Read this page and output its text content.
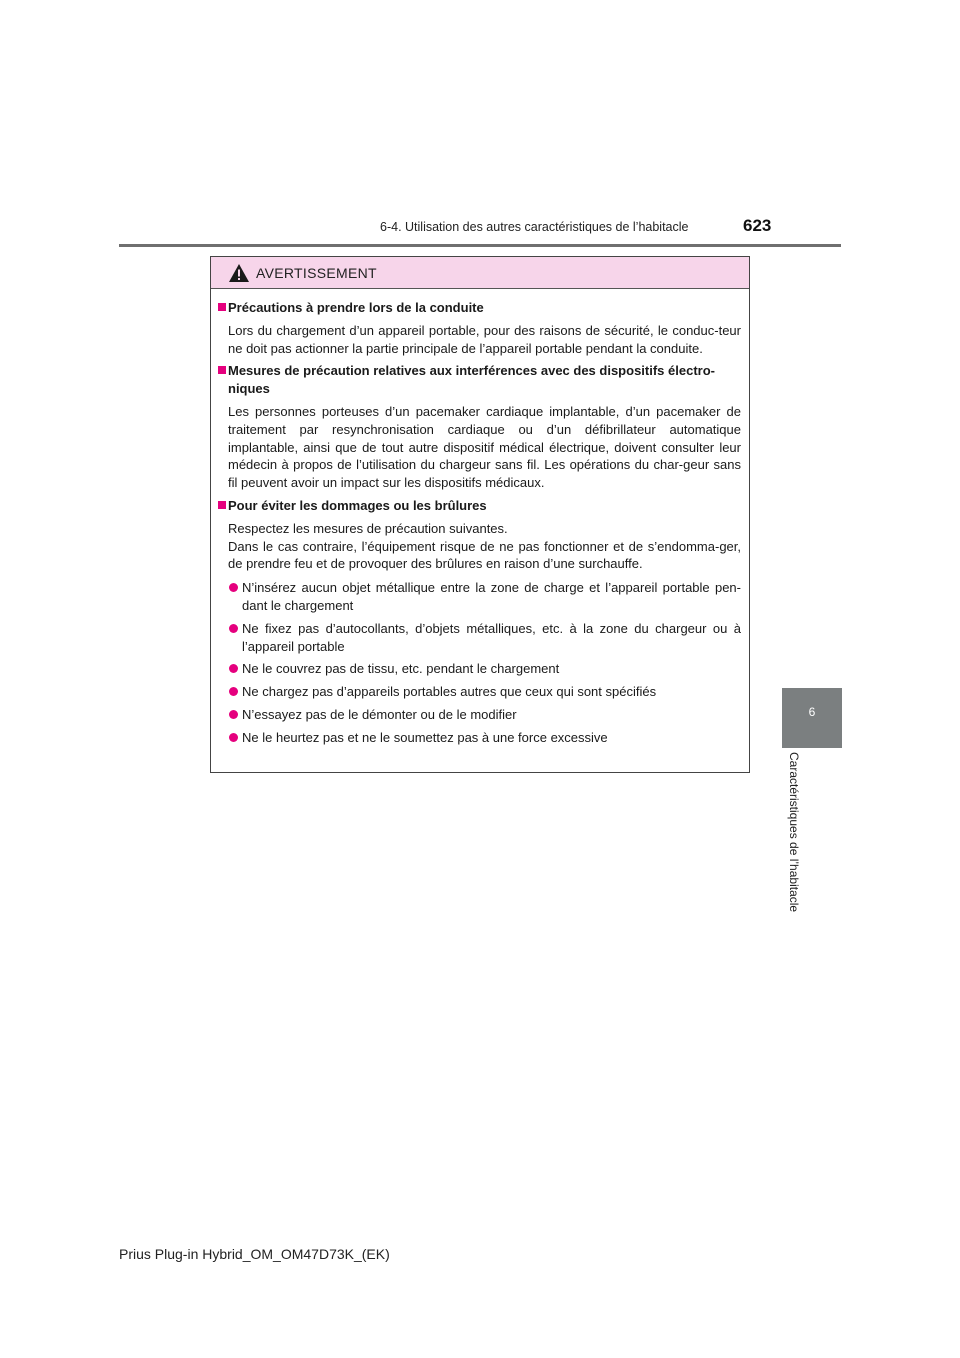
6-4. Utilisation des autres caractéristiques de l’habitacle	623
6
Caractéristiques de l’habitacle
AVERTISSEMENT
Précautions à prendre lors de la conduite
Lors du chargement d’un appareil portable, pour des raisons de sécurité, le conduc-teur ne doit pas actionner la partie principale de l’appareil portable pendant la conduite.
Mesures de précaution relatives aux interférences avec des dispositifs électro-niques
Les personnes porteuses d’un pacemaker cardiaque implantable, d’un pacemaker de traitement par resynchronisation cardiaque ou d’un défibrillateur automatique implantable, ainsi que de tout autre dispositif médical électrique, doivent consulter leur médecin à propos de l’utilisation du chargeur sans fil. Les opérations du char-geur sans fil peuvent avoir un impact sur les dispositifs médicaux.
Pour éviter les dommages ou les brûlures
Respectez les mesures de précaution suivantes.
Dans le cas contraire, l’équipement risque de ne pas fonctionner et de s’endomma-ger, de prendre feu et de provoquer des brûlures en raison d’une surchauffe.
N’insérez aucun objet métallique entre la zone de charge et l’appareil portable pen-dant le chargement
Ne fixez pas d’autocollants, d’objets métalliques, etc. à la zone du chargeur ou à l’appareil portable
Ne le couvrez pas de tissu, etc. pendant le chargement
Ne chargez pas d’appareils portables autres que ceux qui sont spécifiés
N’essayez pas de le démonter ou de le modifier
Ne le heurtez pas et ne le soumettez pas à une force excessive
Prius Plug-in Hybrid_OM_OM47D73K_(EK)
